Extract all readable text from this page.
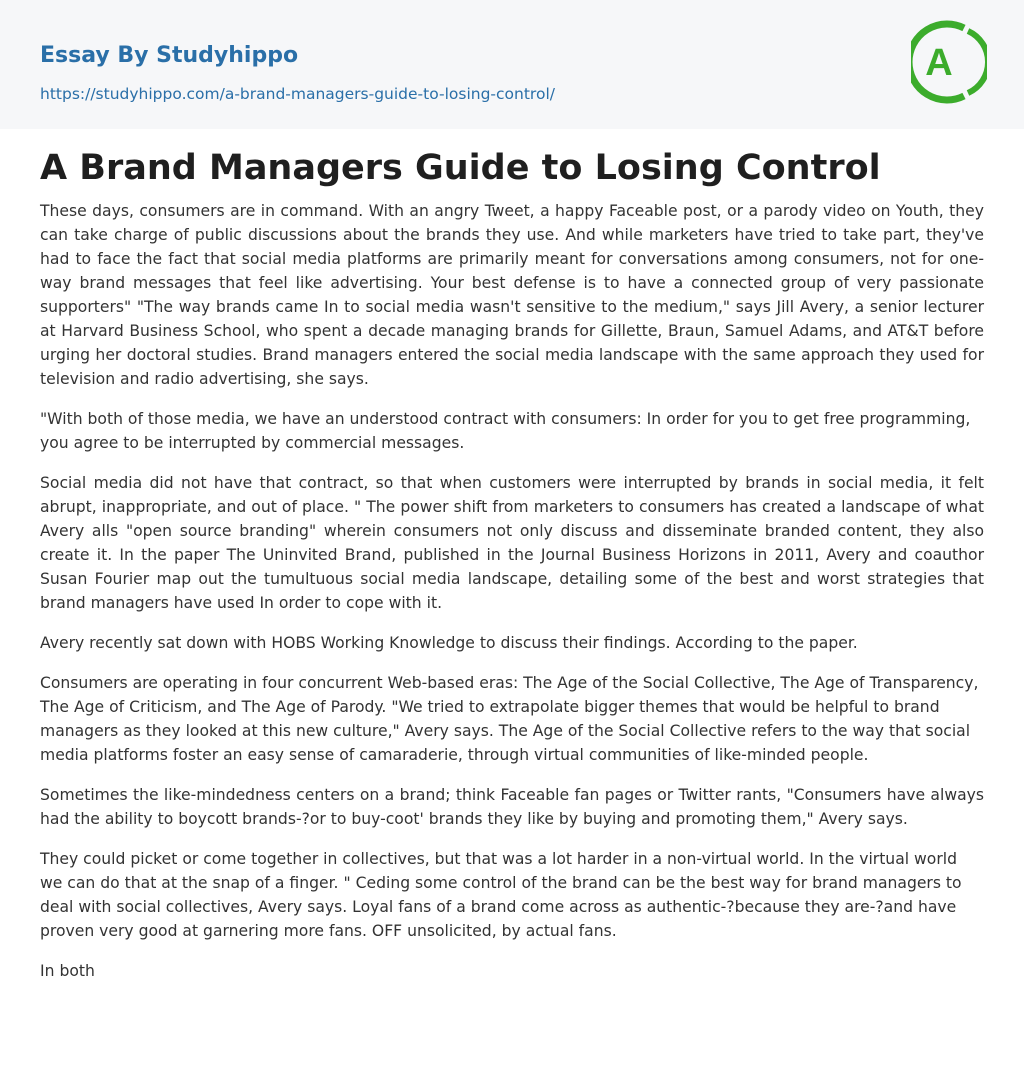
Essay By Studyhippo
https://studyhippo.com/a-brand-managers-guide-to-losing-control/
A
A Brand Managers Guide to Losing Control

These days, consumers are in command. With an angry Tweet, a happy Faceable post, or a parody video on Youth, they can take charge of public discussions about the brands they use. And while marketers have tried to take part, they've had to face the fact that social media platforms are primarily meant for conversations among consumers, not for one-way brand messages that feel like advertising. Your best defense is to have a connected group of very passionate supporters" "The way brands came In to social media wasn't sensitive to the medium," says Jill Avery, a senior lecturer at Harvard Business School, who spent a decade managing brands for Gillette, Braun, Samuel Adams, and AT&T before urging her doctoral studies. Brand managers entered the social media landscape with the same approach they used for television and radio advertising, she says.

"With both of those media, we have an understood contract with consumers: In order for you to get free programming, you agree to be interrupted by commercial messages.

Social media did not have that contract, so that when customers were interrupted by brands in social media, it felt abrupt, inappropriate, and out of place. " The power shift from marketers to consumers has created a landscape of what Avery alls "open source branding" wherein consumers not only discuss and disseminate branded content, they also create it. In the paper The Uninvited Brand, published in the Journal Business Horizons in 2011, Avery and coauthor Susan Fourier map out the tumultuous social media landscape, detailing some of the best and worst strategies that brand managers have used In order to cope with it.

Avery recently sat down with HOBS Working Knowledge to discuss their findings. According to the paper.

Consumers are operating in four concurrent Web-based eras: The Age of the Social Collective, The Age of Transparency, The Age of Criticism, and The Age of Parody. "We tried to extrapolate bigger themes that would be helpful to brand managers as they looked at this new culture," Avery says. The Age of the Social Collective refers to the way that social media platforms foster an easy sense of camaraderie, through virtual communities of like-minded people.

Sometimes the like-mindedness centers on a brand; think Faceable fan pages or Twitter rants, "Consumers have always had the ability to boycott brands-?or to buy-coot' brands they like by buying and promoting them," Avery says.

They could picket or come together in collectives, but that was a lot harder in a non-virtual world. In the virtual world we can do that at the snap of a finger. " Ceding some control of the brand can be the best way for brand managers to deal with social collectives, Avery says. Loyal fans of a brand come across as authentic-?because they are-?and have proven very good at garnering more fans. OFF unsolicited, by actual fans.

In both
